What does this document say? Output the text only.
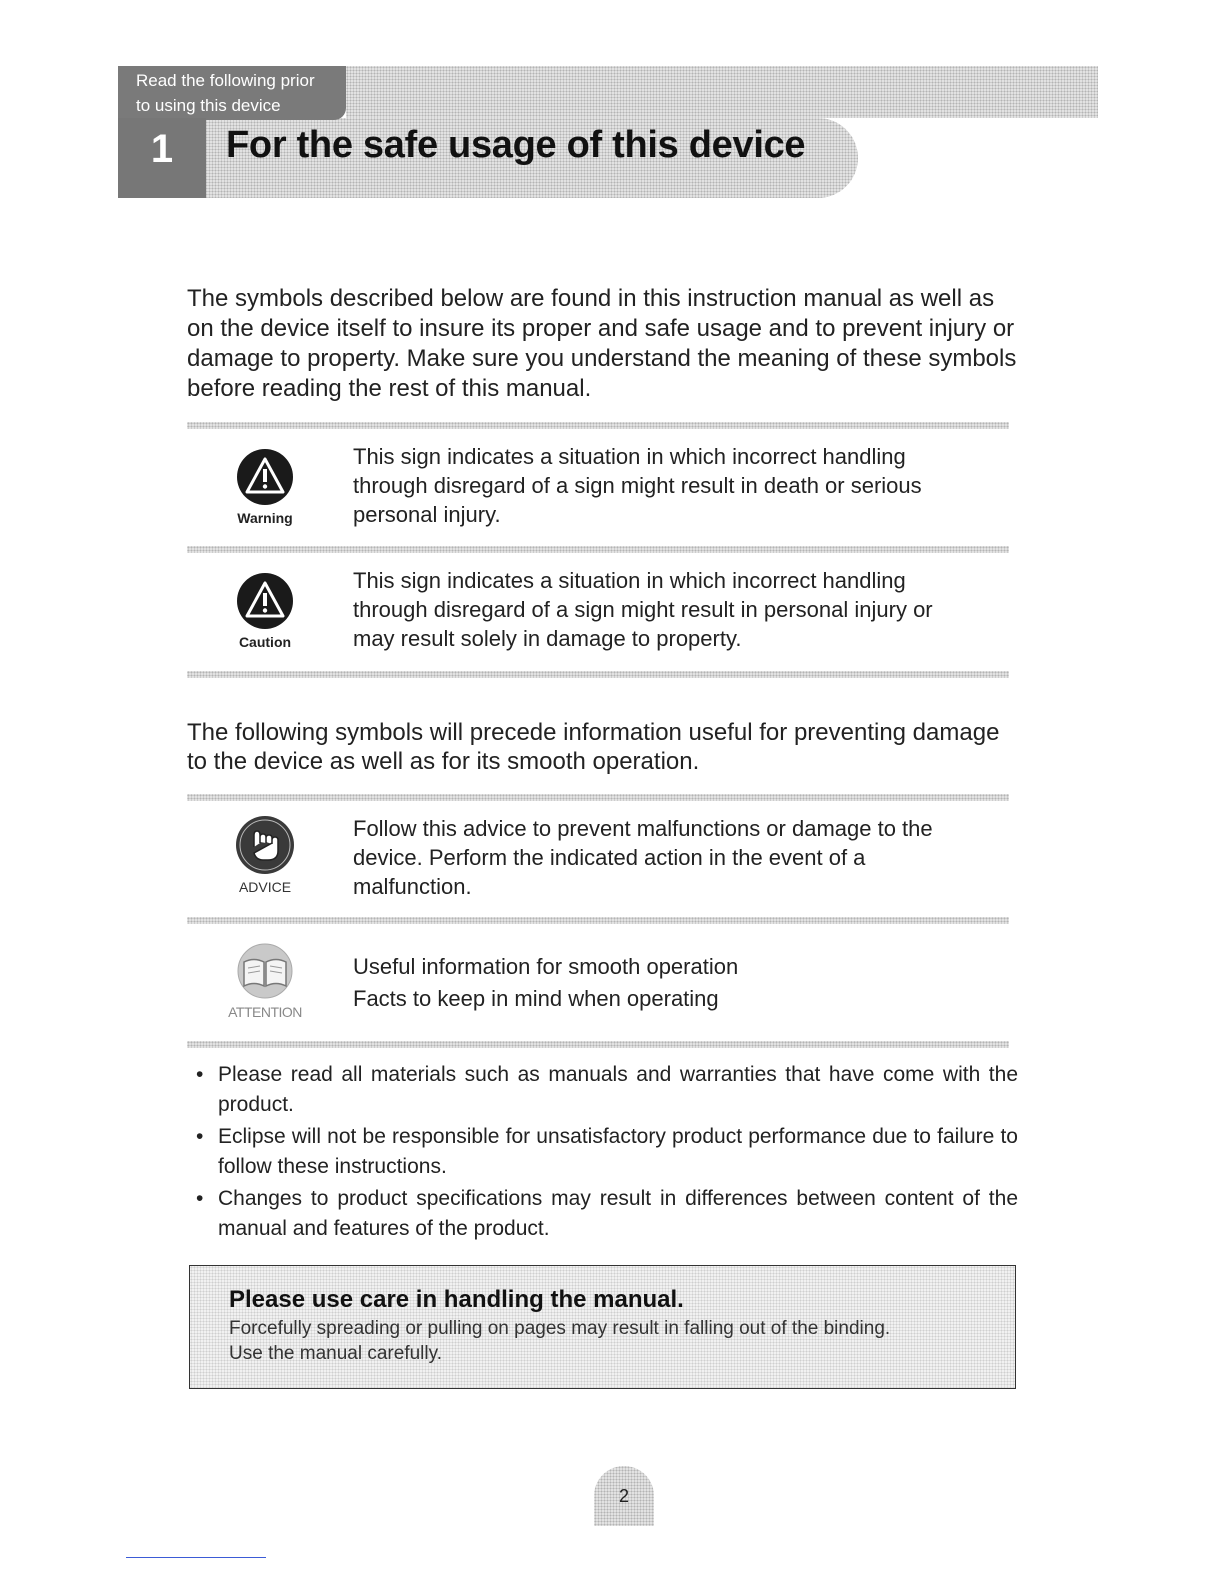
Read the following prior
to using this device
1	For the safe usage of this device
The symbols described below are found in this instruction manual as well as on the device itself to insure its proper and safe usage and to prevent injury or damage to property. Make sure you understand the meaning of these symbols before reading the rest of this manual.
Warning
This sign indicates a situation in which incorrect handling
through disregard of a sign might result in death or serious
personal injury.
Caution
This sign indicates a situation in which incorrect handling
through disregard of a sign might result in personal injury or
may result solely in damage to property.
The following symbols will precede information useful for preventing damage to the device as well as for its smooth operation.
ADVICE
Follow this advice to prevent malfunctions or damage to the
device. Perform the indicated action in the event of a
malfunction.
ATTENTION
Useful information for smooth operation
Facts to keep in mind when operating
• Please read all materials such as manuals and warranties that have come with the product.
• Eclipse will not be responsible for unsatisfactory product performance due to failure to follow these instructions.
• Changes to product specifications may result in differences between content of the manual and features of the product.
Please use care in handling the manual.
Forcefully spreading or pulling on pages may result in falling out of the binding.
Use the manual carefully.
2
